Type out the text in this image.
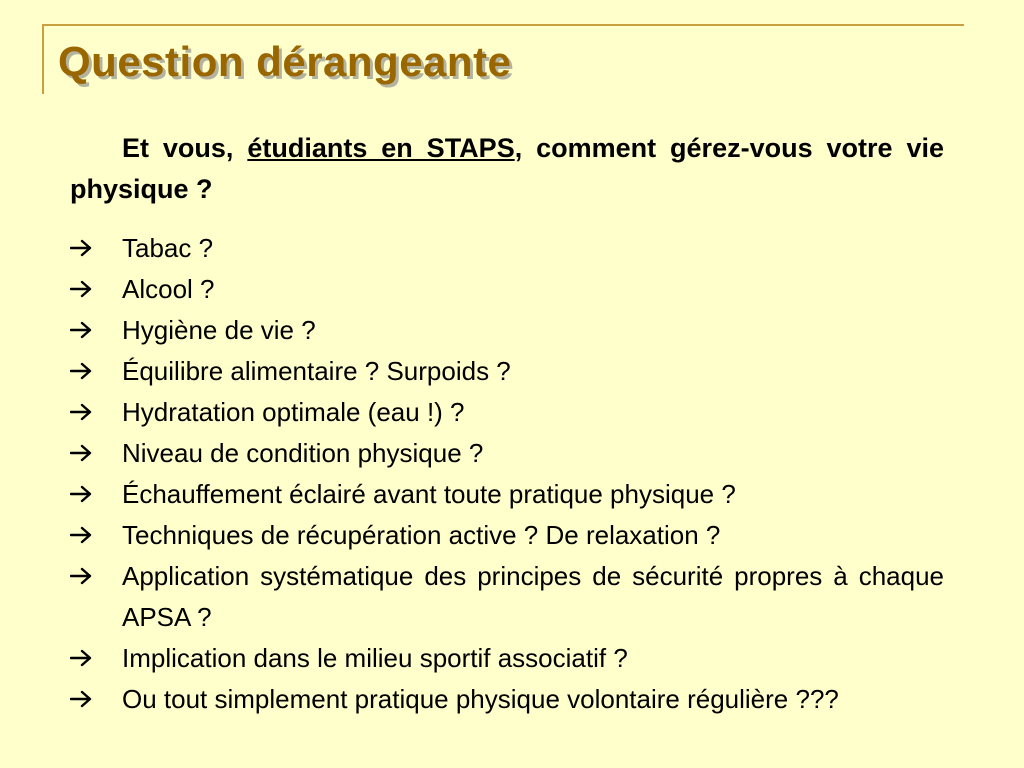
Question dérangeante

Et vous, étudiants en STAPS, comment gérez-vous votre vie physique ?

Tabac ?
Alcool ?
Hygiène de vie ?
Équilibre alimentaire ? Surpoids ?
Hydratation optimale (eau !) ?
Niveau de condition physique ?
Échauffement éclairé avant toute pratique physique ?
Techniques de récupération active ? De relaxation ?
Application systématique des principes de sécurité propres à chaque APSA ?
Implication dans le milieu sportif associatif ?
Ou tout simplement pratique physique volontaire régulière ???
